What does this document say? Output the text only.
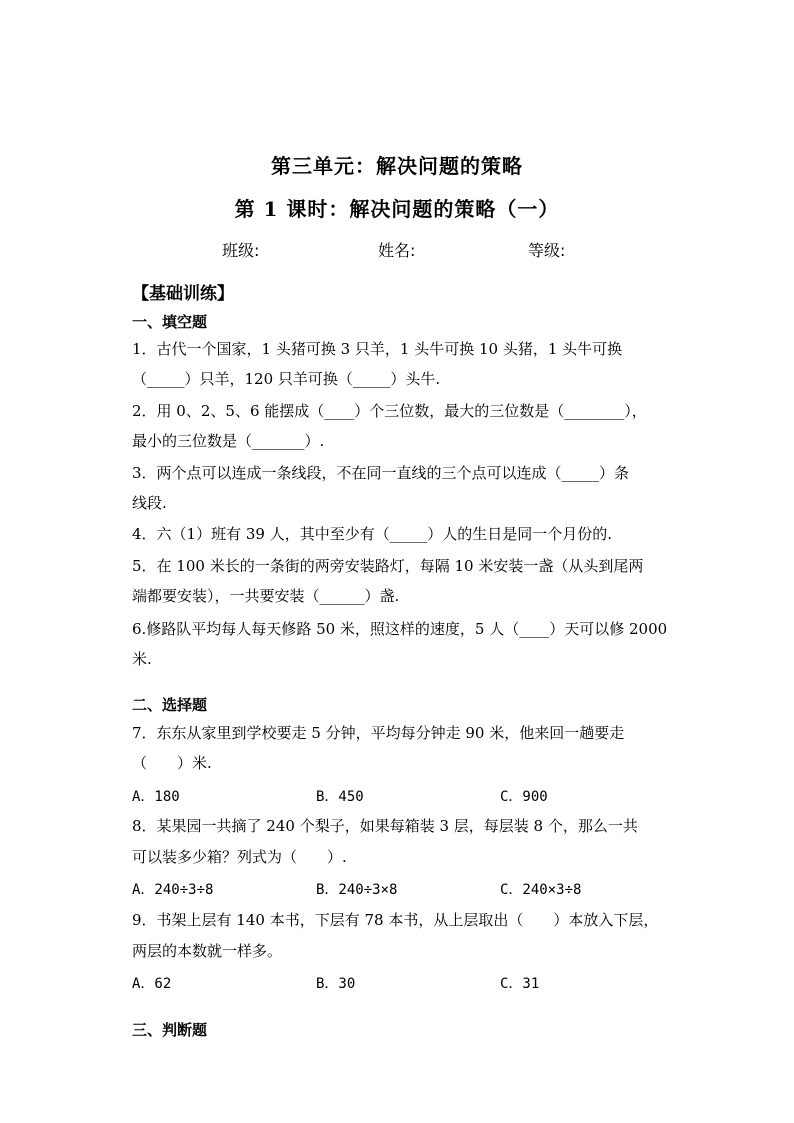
第三单元：解决问题的策略
第 1 课时：解决问题的策略（一）
班级:	姓名:	等级:
【基础训练】
一、填空题
1．古代一个国家，1 头猪可换 3 只羊，1 头牛可换 10 头猪，1 头牛可换
（_____）只羊，120 只羊可换（_____）头牛.
2．用 0、2、5、6 能摆成（____）个三位数，最大的三位数是（________），
最小的三位数是（_______）.
3．两个点可以连成一条线段，不在同一直线的三个点可以连成（_____）条
线段.
4．六（1）班有 39 人，其中至少有（_____）人的生日是同一个月份的.
5．在 100 米长的一条街的两旁安装路灯，每隔 10 米安装一盏（从头到尾两
端都要安装），一共要安装（______）盏.
6.修路队平均每人每天修路 50 米，照这样的速度，5 人（____）天可以修 2000
米.
二、选择题
7．东东从家里到学校要走 5 分钟，平均每分钟走 90 米，他来回一趟要走
（　　）米.
A．180	B．450	C．900
8．某果园一共摘了 240 个梨子，如果每箱装 3 层，每层装 8 个，那么一共
可以装多少箱？列式为（　　）.
A．240÷3÷8	B．240÷3×8	C．240×3÷8
9．书架上层有 140 本书，下层有 78 本书，从上层取出（　　）本放入下层，
两层的本数就一样多。
A．62	B．30	C．31
三、判断题
